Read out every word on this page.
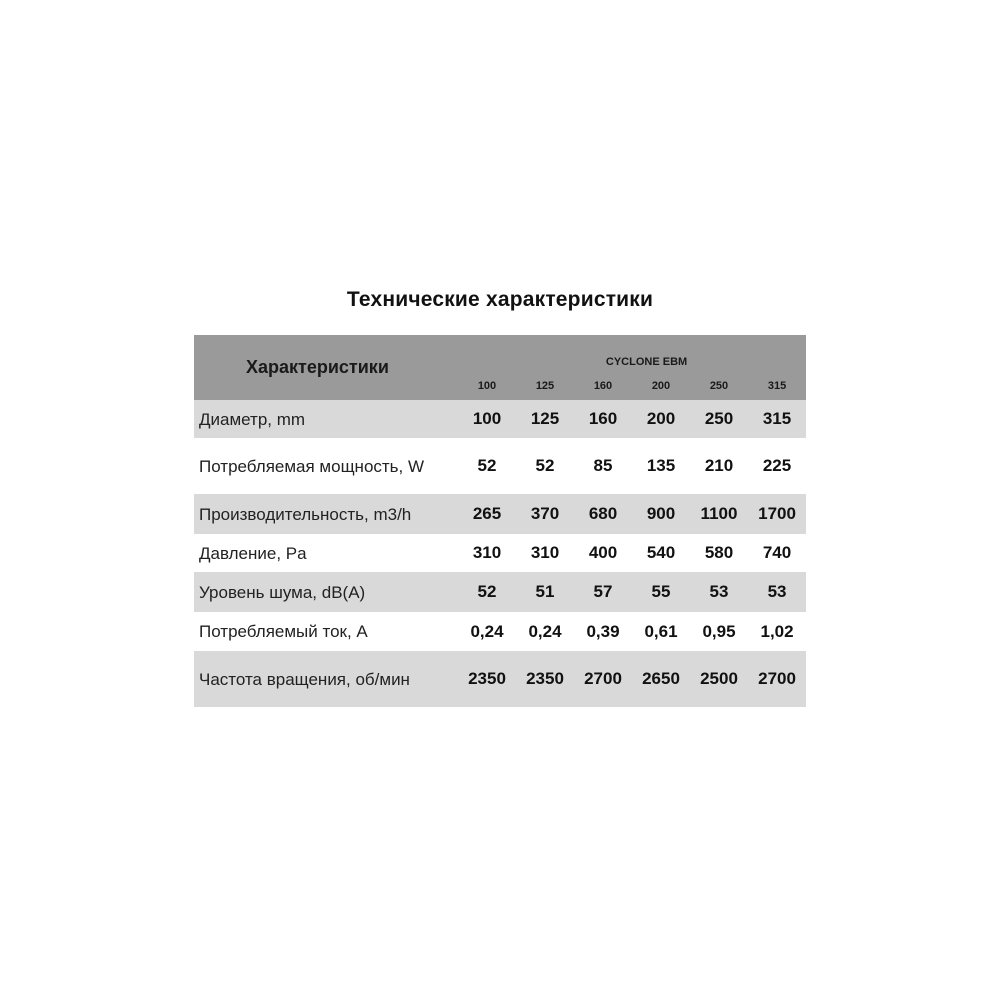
Технические характеристики
Характеристики	CYCLONE EBM					
	100	125	160	200	250	315
Диаметр, mm	100	125	160	200	250	315
Потребляемая мощность, W	52	52	85	135	210	225
Производительность, m3/h	265	370	680	900	1100	1700
Давление, Pa	310	310	400	540	580	740
Уровень шума, dB(A)	52	51	57	55	53	53
Потребляемый ток, A	0,24	0,24	0,39	0,61	0,95	1,02
Частота вращения, об/мин	2350	2350	2700	2650	2500	2700
